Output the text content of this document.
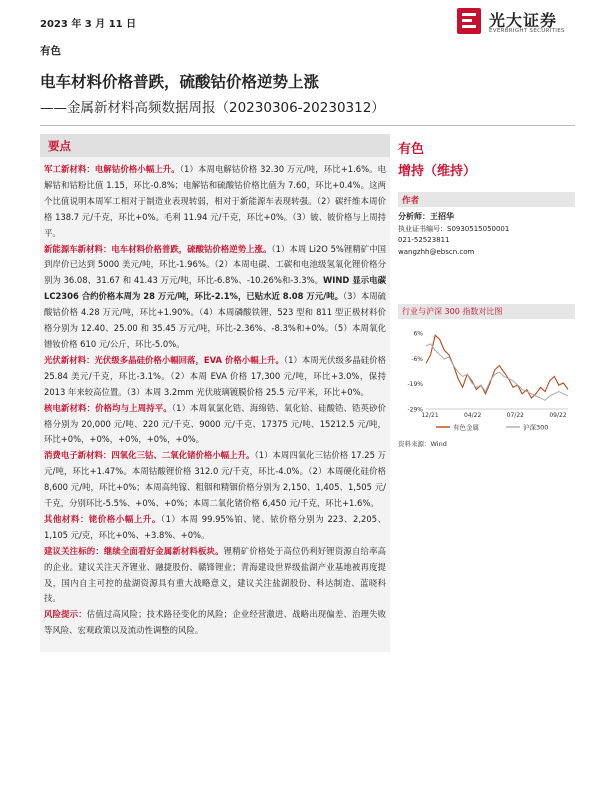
2023 年 3 月 11 日	光大证券
EVERBRIGHT SECURITIES
有色
电车材料价格普跌，硫酸钴价格逆势上涨
——金属新材料高频数据周报（20230306-20230312）
要点

军工新材料：电解钴价格小幅上升。（1）本周电解钴价格 32.30 万元/吨，环比+1.6%。电解钴和钴粉比值 1.15，环比-0.8%；电解钴和硫酸钴价格比值为 7.60，环比+0.4%。这两个比值说明本周军工相对于制造业表现转弱，相对于新能源车表现转强。（2）碳纤维本周价格 138.7 元/千克，环比+0%。毛利 11.94 元/千克，环比+0%。（3）铍、铍价格与上周持平。

新能源车新材料：电车材料价格普跌，硫酸钴价格逆势上涨。（1）本周 Li2O 5%锂精矿中国到岸价已达到 5000 美元/吨，环比-1.96%。（2）本周电碳、工碳和电池级氢氧化锂价格分别为 36.08、31.67 和 41.43 万元/吨，环比-6.8%、-10.26%和-3.3%。WIND 显示电碳 LC2306 合约价格本周为 28 万元/吨，环比-2.1%，已贴水近 8.08 万元/吨。（3）本周硫酸钴价格 4.28 万元/吨，环比+1.90%。（4）本周磷酸铁锂、523 型和 811 型正极材料价格分别为 12.40、25.00 和 35.45 万元/吨，环比-2.36%、-8.3%和+0%。（5）本周氧化镨钕价格 610 元/公斤，环比-5.0%。

光伏新材料：光伏级多晶硅价格小幅回落，EVA 价格小幅上升。（1）本周光伏级多晶硅价格 25.84 美元/千克，环比-3.1%。（2）本周 EVA 价格 17,300 元/吨，环比+3.0%，保持 2013 年来较高位置。（3）本周 3.2mm 光伏玻璃镀膜价格 25.5 元/平米，环比+0%。

核电新材料：价格均与上周持平。（1）本周氧氯化锆、海绵锆、氧化铪、硅酸锆、锆英砂价格分别为 20,000 元/吨、220 元/千克、9000 元/千克、17375 元/吨、15212.5 元/吨，环比+0%，+0%，+0%，+0%，+0%。

消费电子新材料：四氧化三钴、二氧化锗价格小幅上升。（1）本周四氧化三钴价格 17.25 万元/吨，环比+1.47%。本周钴酸锂价格 312.0 元/千克，环比-4.0%。（2）本周硬化硅价格 8,600 元/吨，环比+0%；本周高纯镓、粗铟和精铟价格分别为 2,150、1,405、1,505 元/千克，分别环比-5.5%、+0%、+0%；本周二氧化锗价格 6,450 元/千克，环比+1.6%。

其他材料：铑价格小幅上升。（1）本周 99.95%铂、铑、铱价格分别为 223、2,205、1,105 元/克，环比+0%、+3.8%、+0%。

建议关注标的：继续全面看好金属新材料板块。锂精矿价格处于高位仍利好锂资源自给率高的企业。建议关注天齐锂业、融捷股份、赣锋锂业；青海建设世界级盐湖产业基地被再度提及，国内自主可控的盐湖资源具有重大战略意义，建议关注盐湖股份、科达制造、蓝晓科技。

风险提示：估值过高风险；技术路径变化的风险；企业经营激进、战略出现偏差、治理失败等风险、宏观政策以及流动性调整的风险。

有色
增持（维持）
作者
分析师：王招华
执业证书编号：S0930515050001
021-52523811
wangzhh@ebscn.com
行业与沪深 300 指数对比图
6%
-6%
-19%
-29%
12/21	04/22	07/22	09/22
有色金属	沪深300
资料来源：Wind
